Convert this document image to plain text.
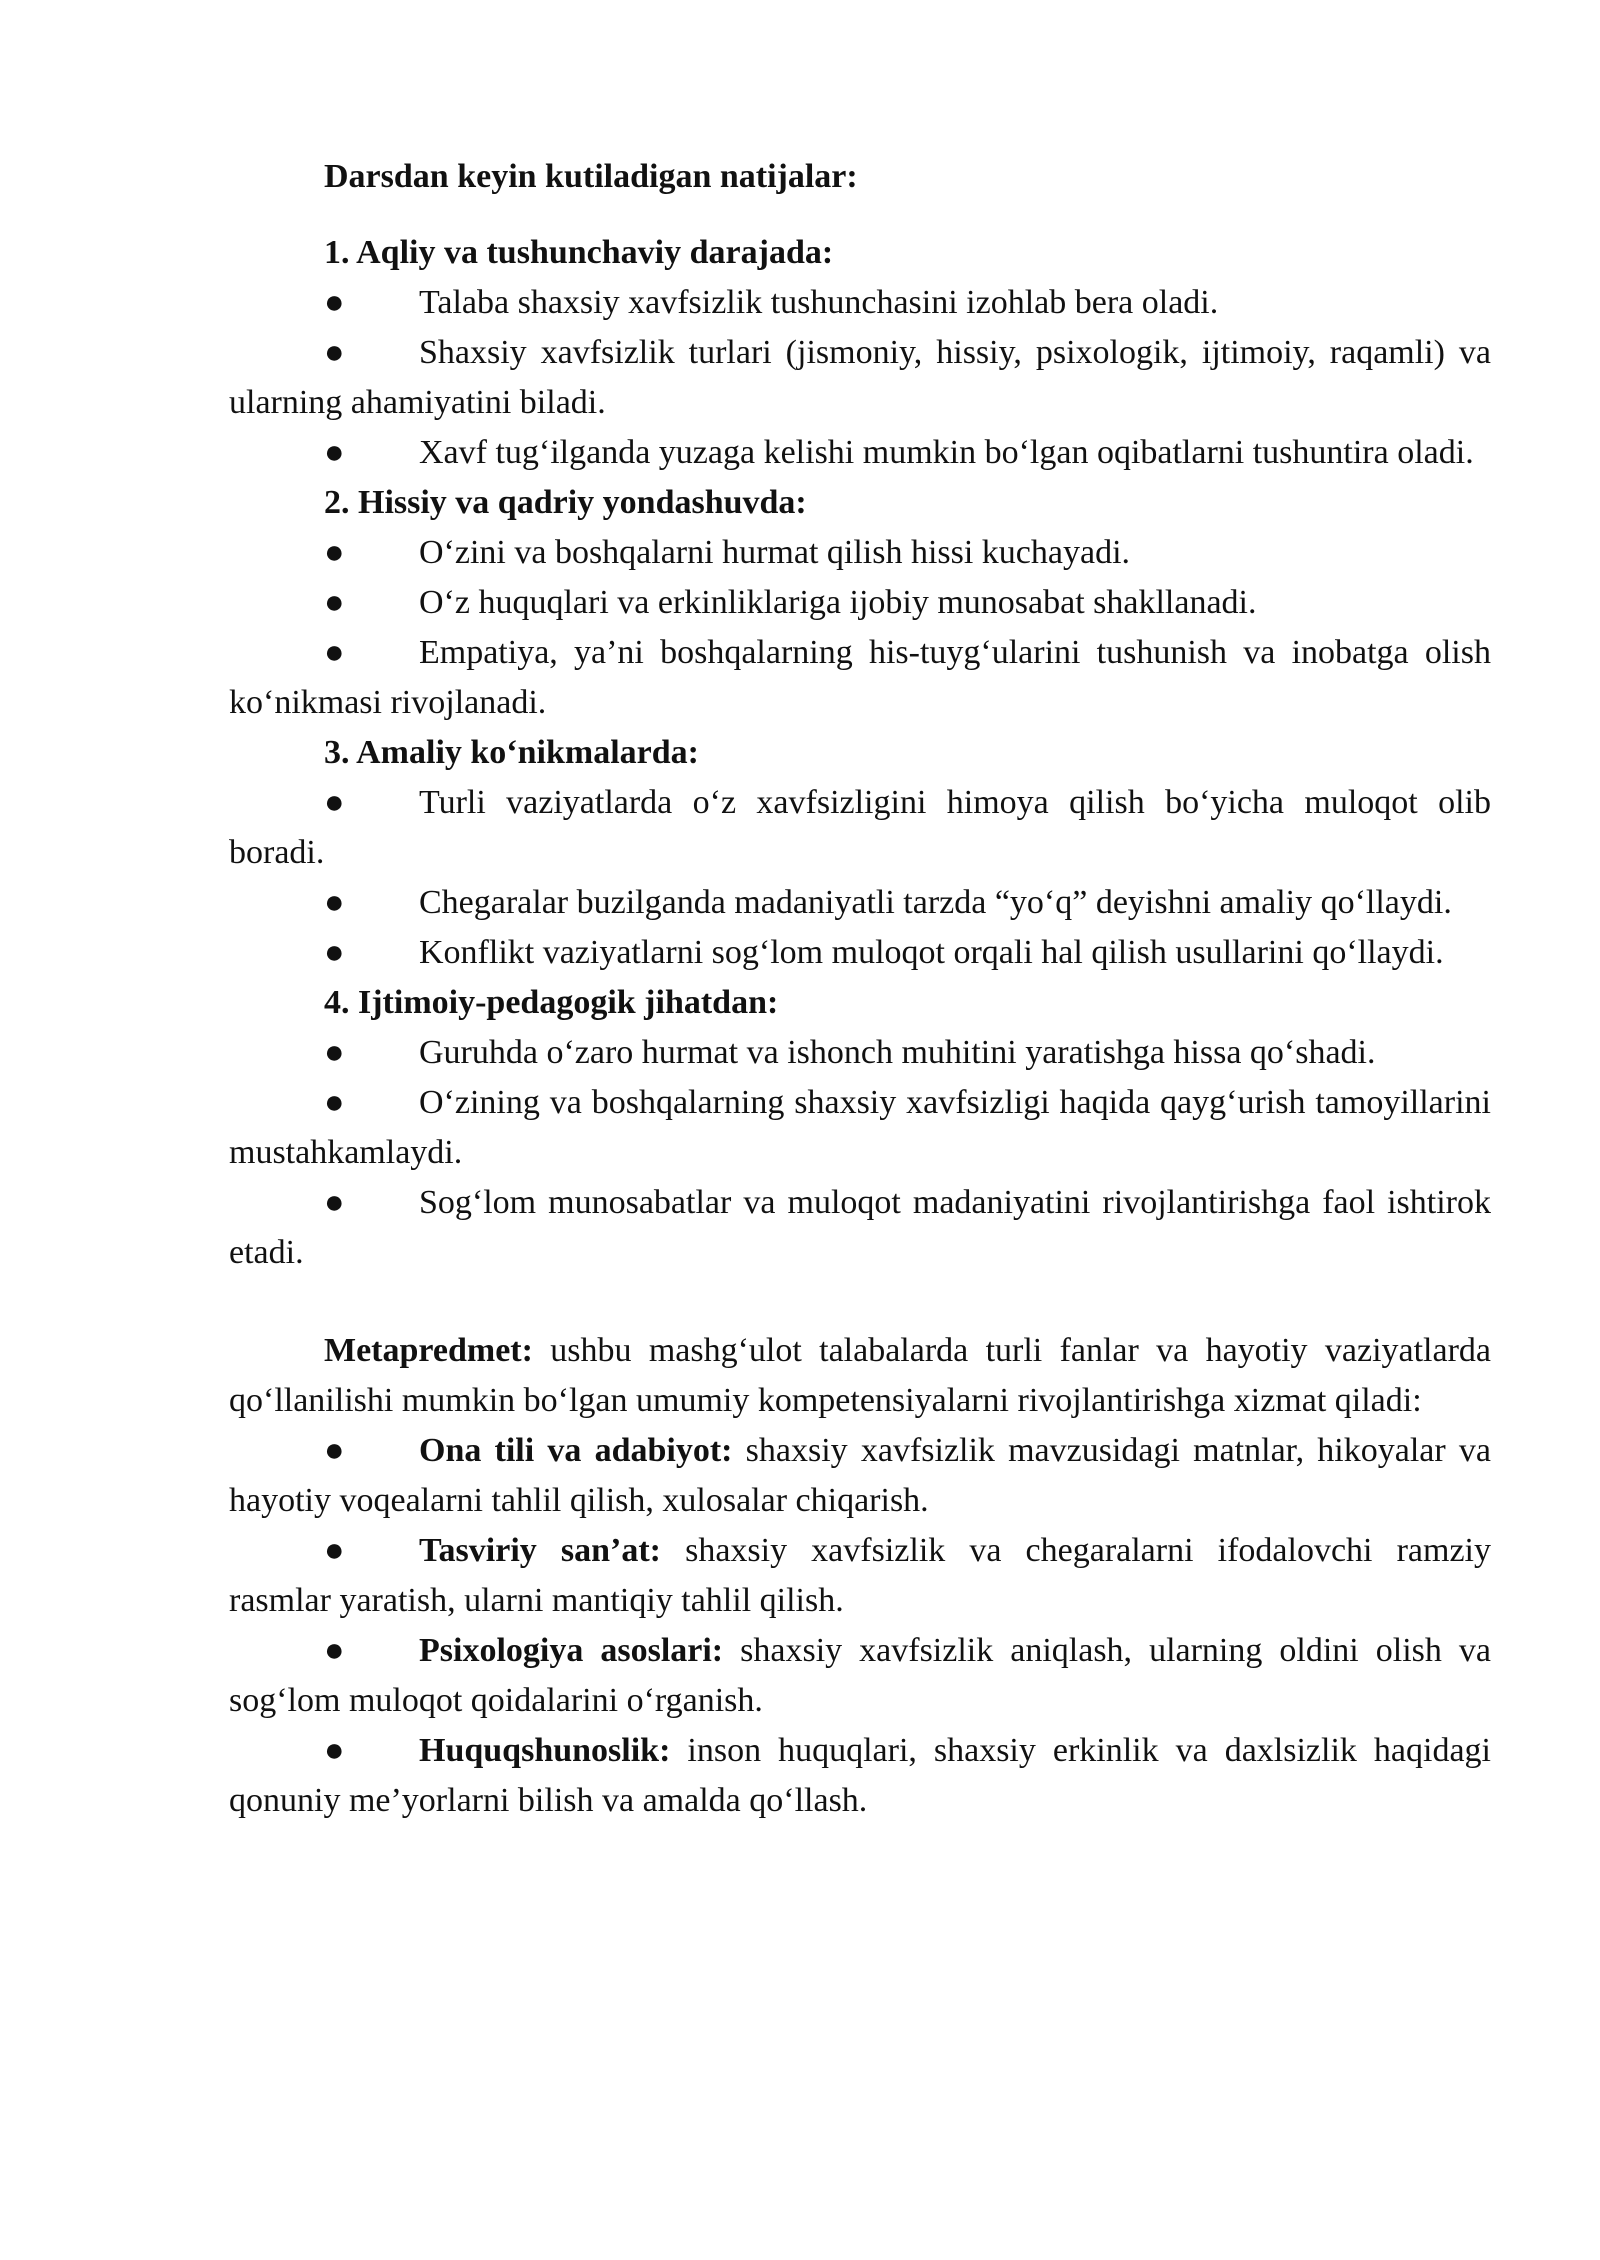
Darsdan keyin kutiladigan natijalar:

1. Aqliy va tushunchaviy darajada:

● Talaba shaxsiy xavfsizlik tushunchasini izohlab bera oladi.

● Shaxsiy xavfsizlik turlari (jismoniy, hissiy, psixologik, ijtimoiy, raqamli) va ularning ahamiyatini biladi.

● Xavf tug‘ilganda yuzaga kelishi mumkin bo‘lgan oqibatlarni tushuntira oladi.

2. Hissiy va qadriy yondashuvda:

● O‘zini va boshqalarni hurmat qilish hissi kuchayadi.

● O‘z huquqlari va erkinliklariga ijobiy munosabat shakllanadi.

● Empatiya, ya’ni boshqalarning his-tuyg‘ularini tushunish va inobatga olish ko‘nikmasi rivojlanadi.

3. Amaliy ko‘nikmalarda:

● Turli vaziyatlarda o‘z xavfsizligini himoya qilish bo‘yicha muloqot olib boradi.

● Chegaralar buzilganda madaniyatli tarzda “yo‘q” deyishni amaliy qo‘llaydi.

● Konflikt vaziyatlarni sog‘lom muloqot orqali hal qilish usullarini qo‘llaydi.

4. Ijtimoiy-pedagogik jihatdan:

● Guruhda o‘zaro hurmat va ishonch muhitini yaratishga hissa qo‘shadi.

● O‘zining va boshqalarning shaxsiy xavfsizligi haqida qayg‘urish tamoyillarini mustahkamlaydi.

● Sog‘lom munosabatlar va muloqot madaniyatini rivojlantirishga faol ishtirok etadi.

Metapredmet: ushbu mashg‘ulot talabalarda turli fanlar va hayotiy vaziyatlarda qo‘llanilishi mumkin bo‘lgan umumiy kompetensiyalarni rivojlantirishga xizmat qiladi:

● Ona tili va adabiyot: shaxsiy xavfsizlik mavzusidagi matnlar, hikoyalar va hayotiy voqealarni tahlil qilish, xulosalar chiqarish.

● Tasviriy san’at: shaxsiy xavfsizlik va chegaralarni ifodalovchi ramziy rasmlar yaratish, ularni mantiqiy tahlil qilish.

● Psixologiya asoslari: shaxsiy xavfsizlik aniqlash, ularning oldini olish va sog‘lom muloqot qoidalarini o‘rganish.

● Huquqshunoslik: inson huquqlari, shaxsiy erkinlik va daxlsizlik haqidagi qonuniy me’yorlarni bilish va amalda qo‘llash.
